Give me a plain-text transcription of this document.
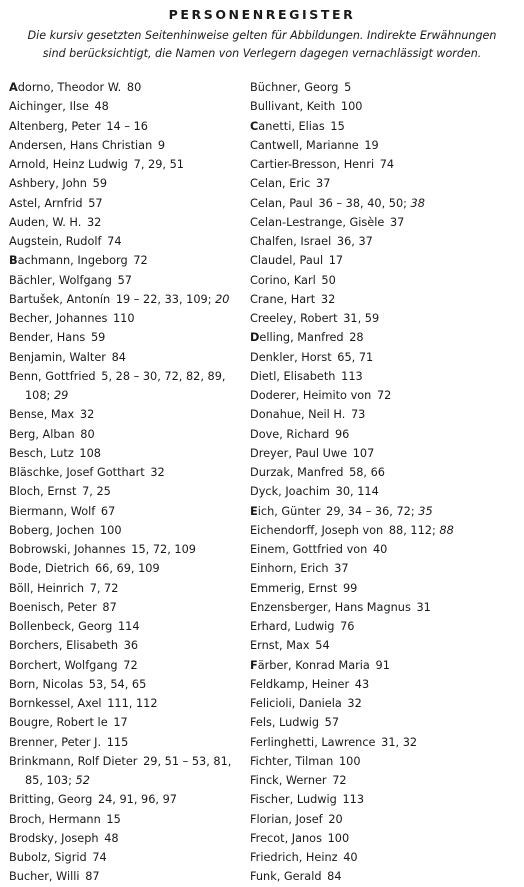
PERSONENREGISTER
Die kursiv gesetzten Seitenhinweise gelten für Abbildungen. Indirekte Erwähnungen
sind berücksichtigt, die Namen von Verlegern dagegen vernachlässigt worden.
Adorno, Theodor W.  80
Aichinger, Ilse  48
Altenberg, Peter  14 – 16
Andersen, Hans Christian  9
Arnold, Heinz Ludwig  7, 29, 51
Ashbery, John  59
Astel, Arnfrid  57
Auden, W. H.  32
Augstein, Rudolf  74
Bachmann, Ingeborg  72
Bächler, Wolfgang  57
Bartušek, Antonín  19 – 22, 33, 109; 20
Becher, Johannes  110
Bender, Hans  59
Benjamin, Walter  84
Benn, Gottfried  5, 28 – 30, 72, 82, 89,
108; 29
Bense, Max  32
Berg, Alban  80
Besch, Lutz  108
Bläschke, Josef Gotthart  32
Bloch, Ernst  7, 25
Biermann, Wolf  67
Boberg, Jochen  100
Bobrowski, Johannes  15, 72, 109
Bode, Dietrich  66, 69, 109
Böll, Heinrich  7, 72
Boenisch, Peter  87
Bollenbeck, Georg  114
Borchers, Elisabeth  36
Borchert, Wolfgang  72
Born, Nicolas  53, 54, 65
Bornkessel, Axel  111, 112
Bougre, Robert le  17
Brenner, Peter J.  115
Brinkmann, Rolf Dieter  29, 51 – 53, 81,
85, 103; 52
Britting, Georg  24, 91, 96, 97
Broch, Hermann  15
Brodsky, Joseph  48
Bubolz, Sigrid  74
Bucher, Willi  87
Büchner, Georg  5
Bullivant, Keith  100
Canetti, Elias  15
Cantwell, Marianne  19
Cartier-Bresson, Henri  74
Celan, Eric  37
Celan, Paul  36 – 38, 40, 50; 38
Celan-Lestrange, Gisèle  37
Chalfen, Israel  36, 37
Claudel, Paul  17
Corino, Karl  50
Crane, Hart  32
Creeley, Robert  31, 59
Delling, Manfred  28
Denkler, Horst  65, 71
Dietl, Elisabeth  113
Doderer, Heimito von  72
Donahue, Neil H.  73
Dove, Richard  96
Dreyer, Paul Uwe  107
Durzak, Manfred  58, 66
Dyck, Joachim  30, 114
Eich, Günter  29, 34 – 36, 72; 35
Eichendorff, Joseph von  88, 112; 88
Einem, Gottfried von  40
Einhorn, Erich  37
Emmerig, Ernst  99
Enzensberger, Hans Magnus  31
Erhard, Ludwig  76
Ernst, Max  54
Färber, Konrad Maria  91
Feldkamp, Heiner  43
Felicioli, Daniela  32
Fels, Ludwig  57
Ferlinghetti, Lawrence  31, 32
Fichter, Tilman  100
Finck, Werner  72
Fischer, Ludwig  113
Florian, Josef  20
Frecot, Janos  100
Friedrich, Heinz  40
Funk, Gerald  84
